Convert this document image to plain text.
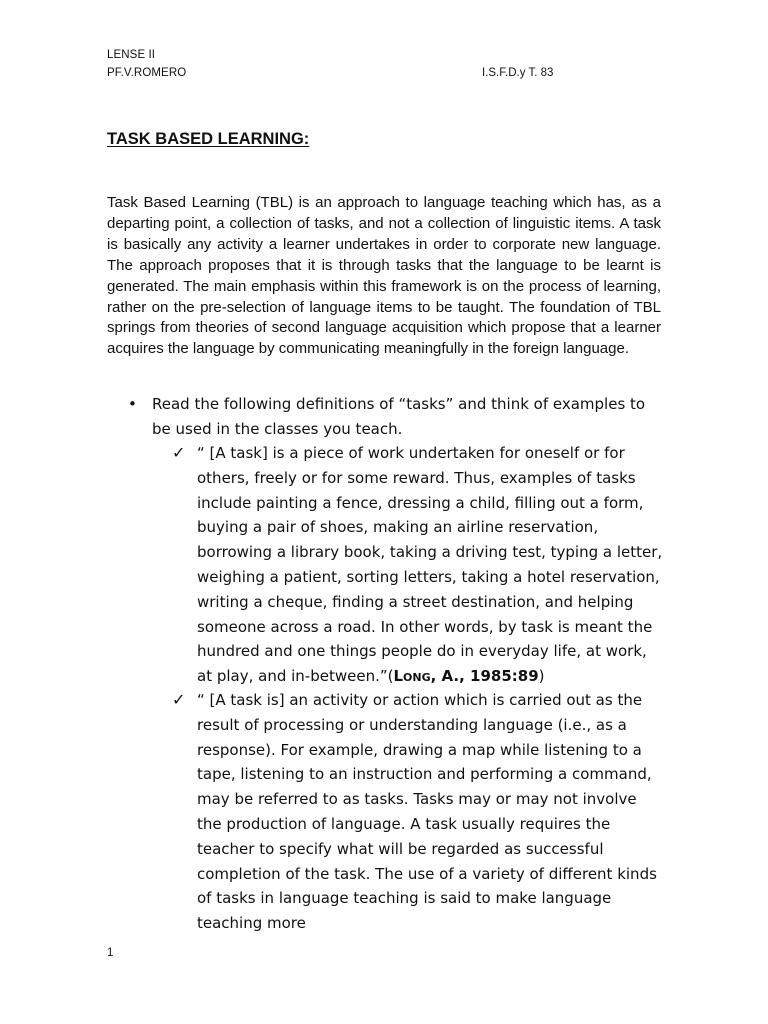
LENSE II
PF.V.ROMERO	I.S.F.D.y T. 83
TASK BASED LEARNING:

Task Based Learning (TBL) is an approach to language teaching which has, as a departing point, a collection of tasks, and not a collection of linguistic items. A task is basically any activity a learner undertakes in order to corporate new language. The approach proposes that it is through tasks that the language to be learnt is generated. The main emphasis within this framework is on the process of learning, rather on the pre-selection of language items to be taught. The foundation of TBL springs from theories of second language acquisition which propose that a learner acquires the language by communicating meaningfully in the foreign language.

• Read the following definitions of “tasks” and think of examples to be used in the classes you teach.

✓ “ [A task] is a piece of work undertaken for oneself or for others, freely or for some reward. Thus, examples of tasks include painting a fence, dressing a child, filling out a form, buying a pair of shoes, making an airline reservation, borrowing a library book, taking a driving test, typing a letter, weighing a patient, sorting letters, taking a hotel reservation, writing a cheque, finding a street destination, and helping someone across a road. In other words, by task is meant the hundred and one things people do in everyday life, at work, at play, and in-between.”(Long, A., 1985:89)

✓ “ [A task is] an activity or action which is carried out as the result of processing or understanding language (i.e., as a response). For example, drawing a map while listening to a tape, listening to an instruction and performing a command, may be referred to as tasks. Tasks may or may not involve the production of language. A task usually requires the teacher to specify what will be regarded as successful completion of the task. The use of a variety of different kinds of tasks in language teaching is said to make language teaching more

1
